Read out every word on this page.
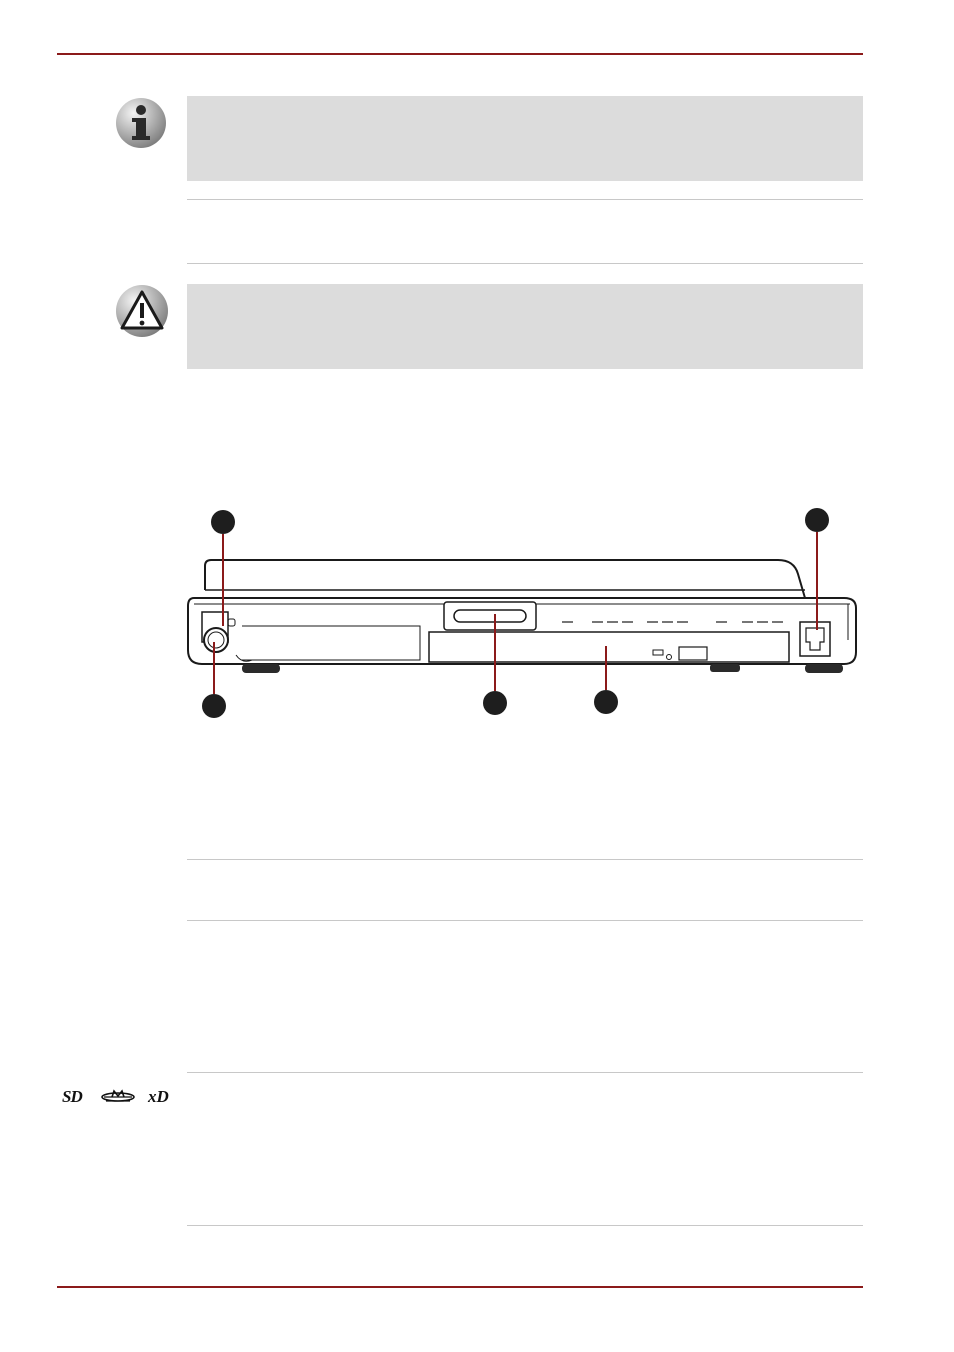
SD	xD
